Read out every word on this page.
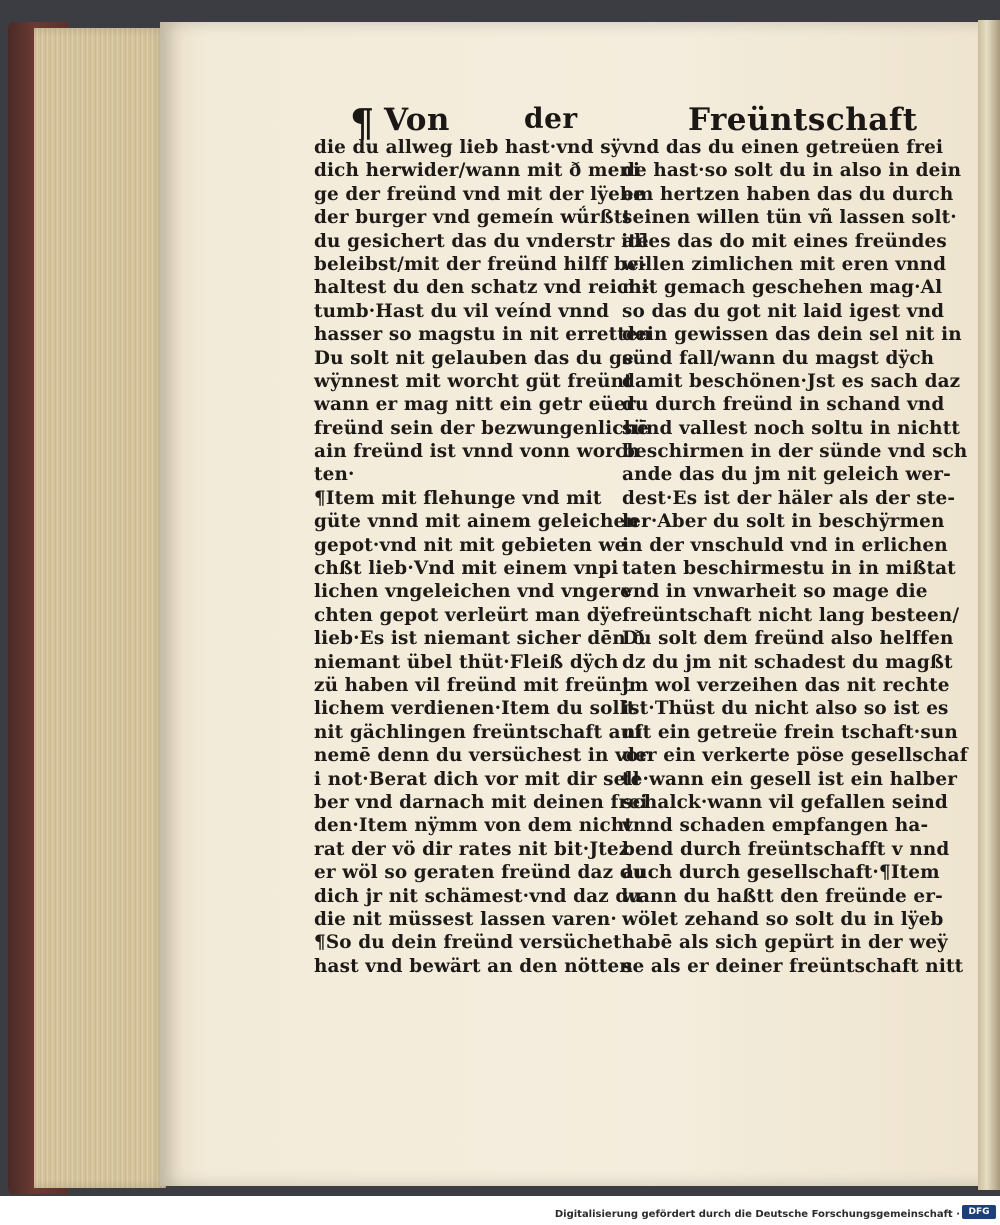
¶ Von	der	Freüntschaft
die du allweg lieb hast·vnd sÿ
dich herwider/wann mit ð meni
ge der freünd vnd mit der lÿebe
der burger vnd gemeín wǘrßtt
du gesichert das du vnderstr itē
beleibst/mit der freünd hilff be-
haltest du den schatz vnd reich-
tumb·Hast du vil veínd vnnd
hasser so magstu in nit erretten
Du solt nit gelauben das du ge
wÿnnest mit worcht güt freünt
wann er mag nitt ein getr eüer
freünd sein der bezwungenlichē
ain freünd ist vnnd vonn worch
ten·
¶Item mit flehunge vnd mit
güte vnnd mit ainem geleichen
gepot·vnd nit mit gebieten we
chßt lieb·Vnd mit einem vnpi
lichen vngeleichen vnd vngere
chten gepot verleürt man dÿe
lieb·Es ist niemant sicher dēn ð
niemant übel thüt·Fleiß dÿch
zü haben vil freünd mit freünt
lichem verdienen·Item du sollt
nit gächlingen freüntschaft auf
nemē denn du versüchest in vor
i not·Berat dich vor mit dir sell
ber vnd darnach mit deinen frei
den·Item nÿmm von dem nicht
rat der vö dir rates nit bit·Jtez
er wöl so geraten freünd daz du
dich jr nit schämest·vnd daz du
die nit müssest lassen varen·
¶So du dein freünd versüchet
hast vnd bewärt an den nötten
vnd das du einen getreüen frei
de hast·so solt du in also in dein
em hertzen haben das du durch
seinen willen tün vñ lassen solt·
alles das do mit eines freündes
willen zimlichen mit eren vnnd
mit gemach geschehen mag·Al
so das du got nit laid igest vnd
dein gewissen das dein sel nit in
sünd fall/wann du magst dÿch
damit beschönen·Jst es sach daz
du durch freünd in schand vnd
sünd vallest noch soltu in nichtt
beschirmen in der sünde vnd sch
ande das du jm nit geleich wer-
dest·Es ist der häler als der ste-
ler·Aber du solt in beschÿrmen
in der vnschuld vnd in erlichen
taten beschirmestu in in mißtat
vnd in vnwarheit so mage die
freüntschaft nicht lang besteen/
Du solt dem freünd also helffen
dz du jm nit schadest du magßt
jm wol verzeihen das nit rechte
ist·Thüst du nicht also so ist es
nit ein getreüe frein tschaft·sun
der ein verkerte pöse gesellschaf
te·wann ein gesell ist ein halber
schalck·wann vil gefallen seind
vnnd schaden empfangen ha-
bend durch freüntschafft v nnd
auch durch gesellschaft·¶Item
wann du haßtt den freünde er-
wölet zehand so solt du in lÿeb
habē als sich gepürt in der weÿ
se als er deiner freüntschaft nitt
Digitalisierung gefördert durch die Deutsche Forschungsgemeinschaft · DFG
